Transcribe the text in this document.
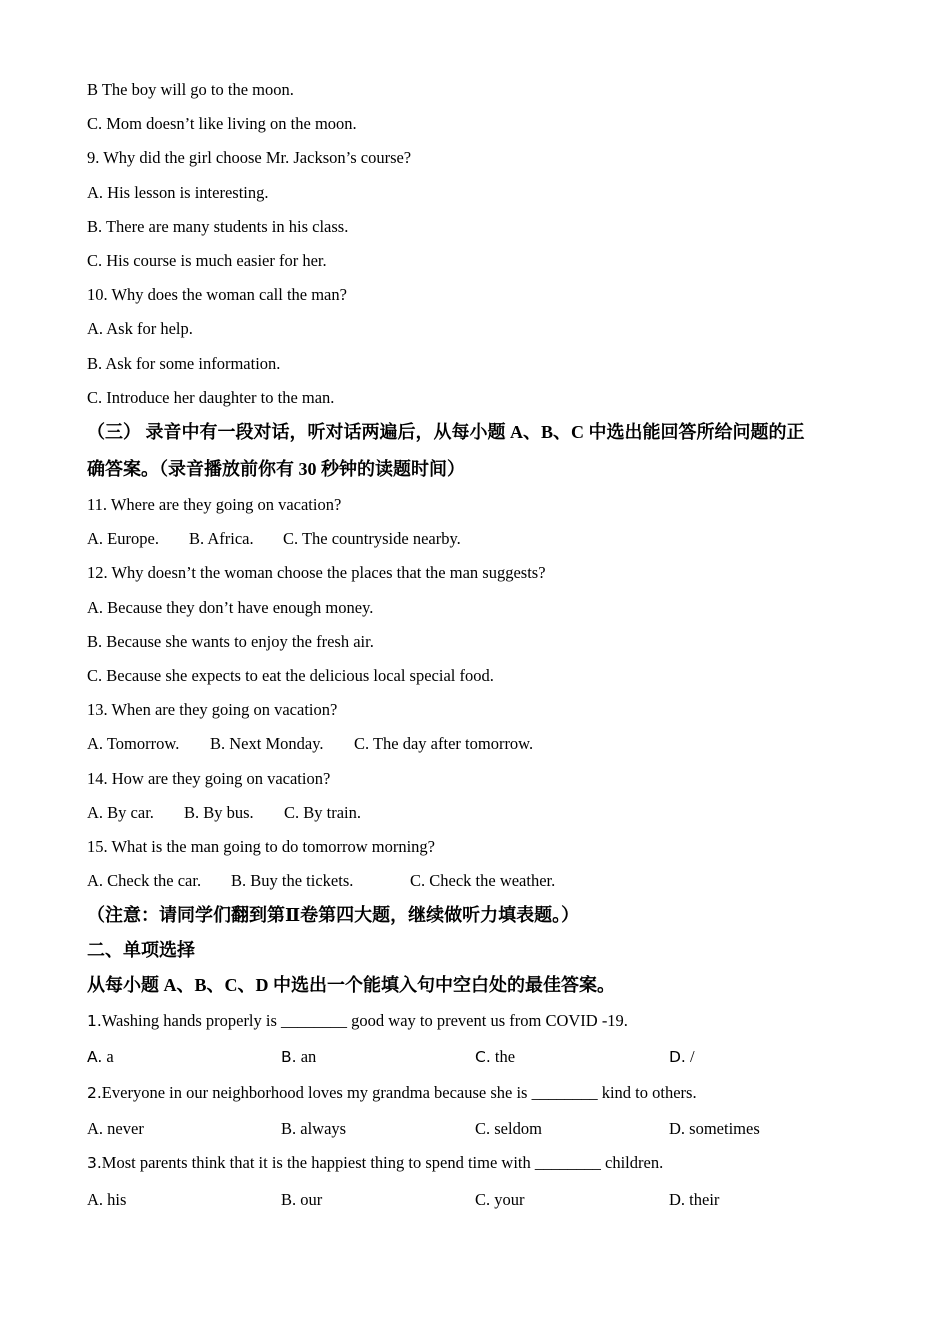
B The boy will go to the moon.

C. Mom doesn’t like living on the moon.

9. Why did the girl choose Mr. Jackson’s course?

A. His lesson is interesting.

B. There are many students in his class.

C. His course is much easier for her.

10. Why does the woman call the man?

A. Ask for help.

B. Ask for some information.

C. Introduce her daughter to the man.

（三） 录音中有一段对话，听对话两遍后，从每小题 A、B、C 中选出能回答所给问题的正

确答案。（录音播放前你有 30 秒钟的读题时间）

11. Where are they going on vacation?

A. Europe. B. Africa. C. The countryside nearby.

12. Why doesn’t the woman choose the places that the man suggests?

A. Because they don’t have enough money.

B. Because she wants to enjoy the fresh air.

C. Because she expects to eat the delicious local special food.

13. When are they going on vacation?

A. Tomorrow. B. Next Monday. C. The day after tomorrow.

14. How are they going on vacation?

A. By car. B. By bus. C. By train.

15. What is the man going to do tomorrow morning?

A. Check the car. B. Buy the tickets.	C. Check the weather.

（注意：请同学们翻到第Ⅱ卷第四大题，继续做听力填表题。）

二、单项选择

从每小题 A、B、C、D 中选出一个能填入句中空白处的最佳答案。

1.Washing hands properly is ________ good way to prevent us from COVID -19.

A. a	B. an	C. the	D. /

2.Everyone in our neighborhood loves my grandma because she is ________ kind to others.

A. never	B. always	C. seldom	D. sometimes

3.Most parents think that it is the happiest thing to spend time with ________ children.

A. his	B. our	C. your	D. their
